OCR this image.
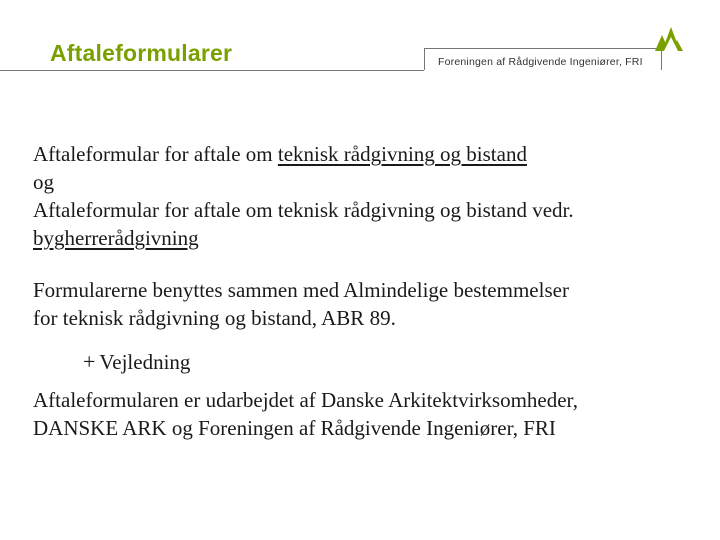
Aftaleformularer	Foreningen af Rådgivende Ingeniører, FRI

Aftaleformular for aftale om teknisk rådgivning og bistand

og

Aftaleformular for aftale om teknisk rådgivning og bistand vedr.

bygherrerådgivning

Formularerne benyttes sammen med Almindelige bestemmelser

for teknisk rådgivning og bistand, ABR 89.

+ Vejledning

Aftaleformularen er udarbejdet af Danske Arkitektvirksomheder,

DANSKE ARK og Foreningen af Rådgivende Ingeniører, FRI
